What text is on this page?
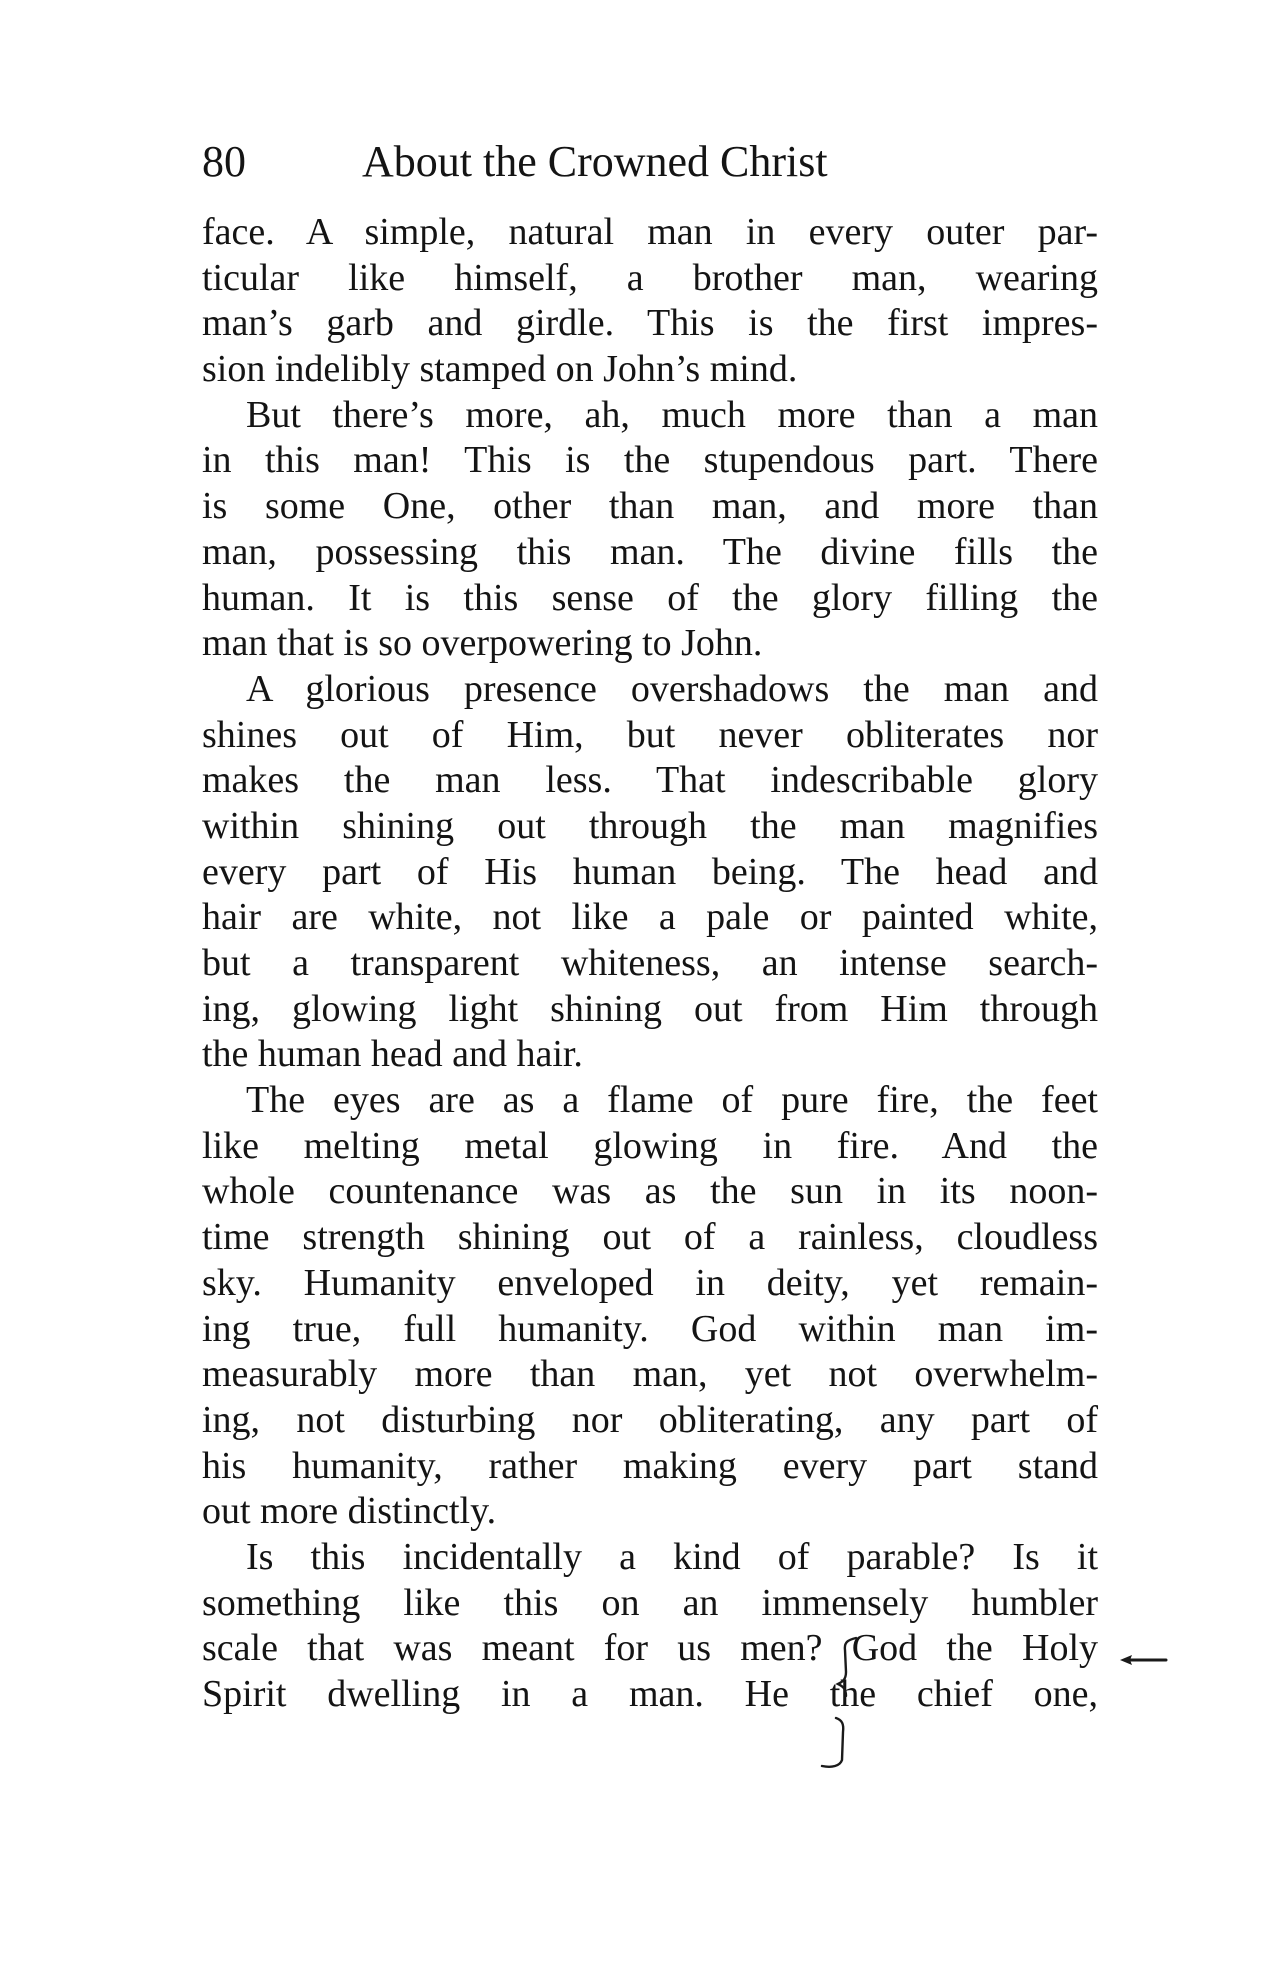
80	About the Crowned Christ
face. A simple, natural man in every outer par-
ticular like himself, a brother man, wearing
man’s garb and girdle. This is the first impres-
sion indelibly stamped on John’s mind.
But there’s more, ah, much more than a man
in this man! This is the stupendous part. There
is some One, other than man, and more than
man, possessing this man. The divine fills the
human. It is this sense of the glory filling the
man that is so overpowering to John.
A glorious presence overshadows the man and
shines out of Him, but never obliterates nor
makes the man less. That indescribable glory
within shining out through the man magnifies
every part of His human being. The head and
hair are white, not like a pale or painted white,
but a transparent whiteness, an intense search-
ing, glowing light shining out from Him through
the human head and hair.
The eyes are as a flame of pure fire, the feet
like melting metal glowing in fire. And the
whole countenance was as the sun in its noon-
time strength shining out of a rainless, cloudless
sky. Humanity enveloped in deity, yet remain-
ing true, full humanity. God within man im-
measurably more than man, yet not overwhelm-
ing, not disturbing nor obliterating, any part of
his humanity, rather making every part stand
out more distinctly.
Is this incidentally a kind of parable? Is it
something like this on an immensely humbler
scale that was meant for us men? God the Holy
Spirit dwelling in a man. He the chief one,
